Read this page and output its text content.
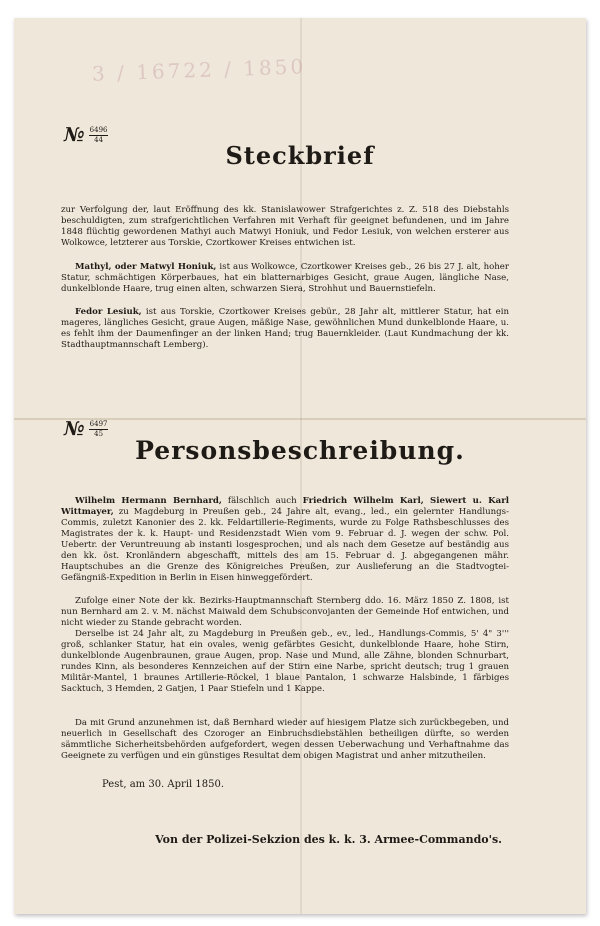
3 / 16722 / 1850
№ $\frac{6496}{44}$
Steckbrief
zur Verfolgung der, laut Eröffnung des kk. Stanislawower Strafgerichtes z. Z. 518 des Diebstahls beschuldigten, zum strafgerichtlichen Verfahren mit Verhaft für geeignet befundenen, und im Jahre 1848 flüchtig gewordenen Mathyi auch Matwyi Honiuk, und Fedor Lesiuk, von welchen ersterer aus Wolkowce, letzterer aus Torskie, Czortkower Kreises entwichen ist.
Mathyl, oder Matwyl Honiuk, ist aus Wolkowce, Czortkower Kreises geb., 26 bis 27 J. alt, hoher Statur, schmächtigen Körperbaues, hat ein blatternarbiges Gesicht, graue Augen, längliche Nase, dunkelblonde Haare, trug einen alten, schwarzen Siera, Strohhut und Bauernstiefeln.
Fedor Lesiuk, ist aus Torskie, Czortkower Kreises gebür., 28 Jahr alt, mittlerer Statur, hat ein mageres, längliches Gesicht, graue Augen, mäßige Nase, gewöhnlichen Mund dunkelblonde Haare, u. es fehlt ihm der Daumenfinger an der linken Hand; trug Bauernkleider. (Laut Kundmachung der kk. Stadthauptmannschaft Lemberg).
№ $\frac{6497}{45}$
Personsbeschreibung.
Wilhelm Hermann Bernhard, fälschlich auch Friedrich Wilhelm Karl, Siewert u. Karl Wittmayer, zu Magdeburg in Preußen geb., 24 Jahre alt, evang., led., ein gelernter Handlungs-Commis, zuletzt Kanonier des 2. kk. Feldartillerie-Regiments, wurde zu Folge Rathsbeschlusses des Magistrates der k. k. Haupt- und Residenzstadt Wien vom 9. Februar d. J. wegen der schw. Pol. Uebertr. der Veruntreuung ab instanti losgesprochen, und als nach dem Gesetze auf beständig aus den kk. öst. Kronländern abgeschafft, mittels des am 15. Februar d. J. abgegangenen mähr. Hauptschubes an die Grenze des Königreiches Preußen, zur Auslieferung an die Stadtvogtei-Gefängniß-Expedition in Berlin in Eisen hinweggefördert.
Zufolge einer Note der kk. Bezirks-Hauptmannschaft Sternberg ddo. 16. März 1850 Z. 1808, ist nun Bernhard am 2. v. M. nächst Maiwald dem Schubsconvojanten der Gemeinde Hof entwichen, und nicht wieder zu Stande gebracht worden.
Derselbe ist 24 Jahr alt, zu Magdeburg in Preußen geb., ev., led., Handlungs-Commis, 5' 4" 3''' groß, schlanker Statur, hat ein ovales, wenig gefärbtes Gesicht, dunkelblonde Haare, hohe Stirn, dunkelblonde Augenbraunen, graue Augen, prop. Nase und Mund, alle Zähne, blonden Schnurbart, rundes Kinn, als besonderes Kennzeichen auf der Stirn eine Narbe, spricht deutsch; trug 1 grauen Militär-Mantel, 1 braunes Artillerie-Röckel, 1 blaue Pantalon, 1 schwarze Halsbinde, 1 färbiges Sacktuch, 3 Hemden, 2 Gatjen, 1 Paar Stiefeln und 1 Kappe.
Da mit Grund anzunehmen ist, daß Bernhard wieder auf hiesigem Platze sich zurückbegeben, und neuerlich in Gesellschaft des Czoroger an Einbruchsdiebstählen betheiligen dürfte, so werden sämmtliche Sicherheitsbehörden aufgefordert, wegen dessen Ueberwachung und Verhaftnahme das Geeignete zu verfügen und ein günstiges Resultat dem obigen Magistrat und anher mitzutheilen.
Pest, am 30. April 1850.
Von der Polizei-Sekzion des k. k. 3. Armee-Commando's.
